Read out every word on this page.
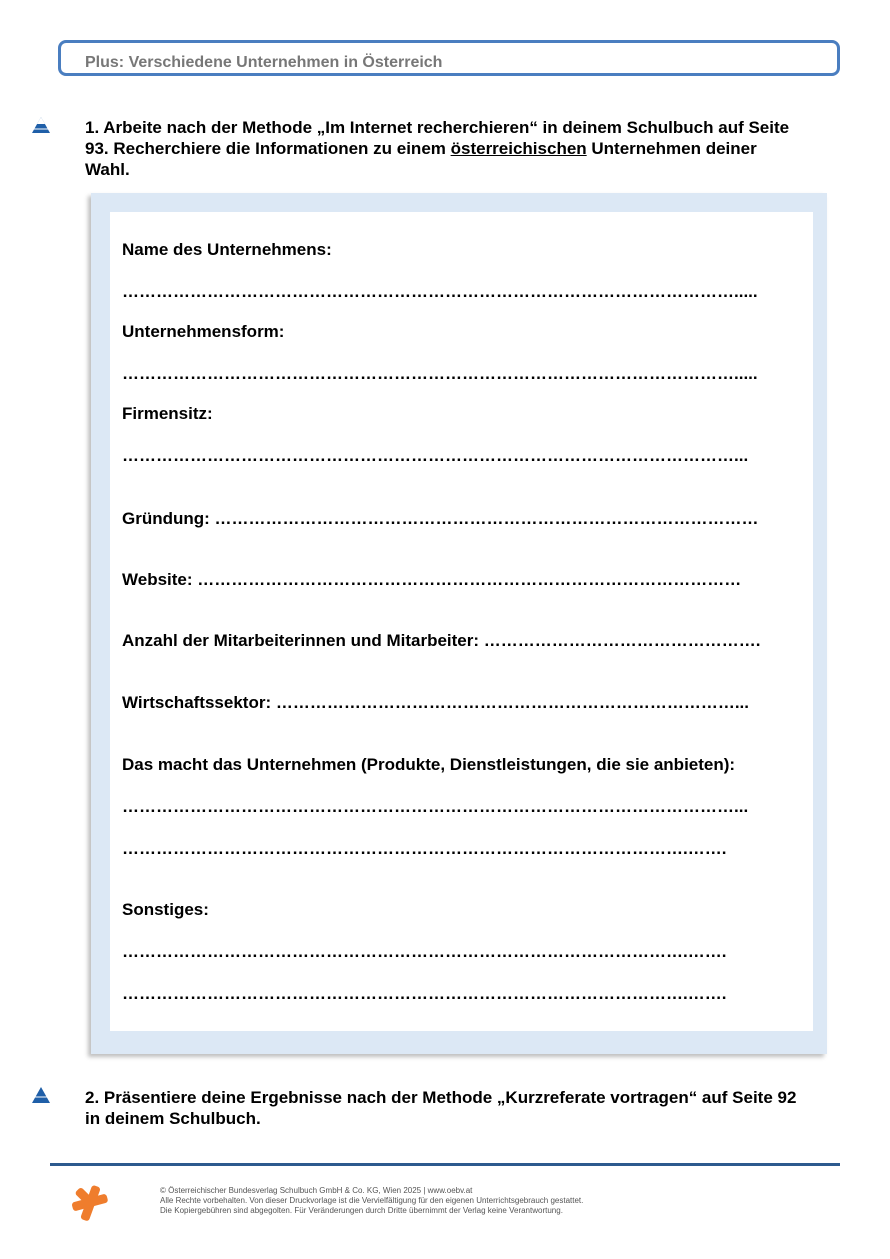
Plus: Verschiedene Unternehmen in Österreich
1. Arbeite nach der Methode „Im Internet recherchieren“ in deinem Schulbuch auf Seite
93. Recherchiere die Informationen zu einem österreichischen Unternehmen deiner
Wahl.
Name des Unternehmens:
……………………………………………………………………………………………….....
Unternehmensform:
……………………………………………………………………………………………….....
Firmensitz:
………………………………………………………………………………………………...
Gründung: ……………………………………………………………………………………
Website: ……………………………………………………………………………………
Anzahl der Mitarbeiterinnen und Mitarbeiter: ………………………………………….
Wirtschaftssektor: ………………………………………………………………………...
Das macht das Unternehmen (Produkte, Dienstleistungen, die sie anbieten):
………………………………………………………………………………………………...
……………………………………………………………………………………….…….
Sonstiges:
……………………………………………………………………………………….…….
……………………………………………………………………………………….…….
2. Präsentiere deine Ergebnisse nach der Methode „Kurzreferate vortragen“ auf Seite 92
in deinem Schulbuch.
© Österreichischer Bundesverlag Schulbuch GmbH & Co. KG, Wien 2025 | www.oebv.at
Alle Rechte vorbehalten. Von dieser Druckvorlage ist die Vervielfältigung für den eigenen Unterrichtsgebrauch gestattet.
Die Kopiergebühren sind abgegolten. Für Veränderungen durch Dritte übernimmt der Verlag keine Verantwortung.
